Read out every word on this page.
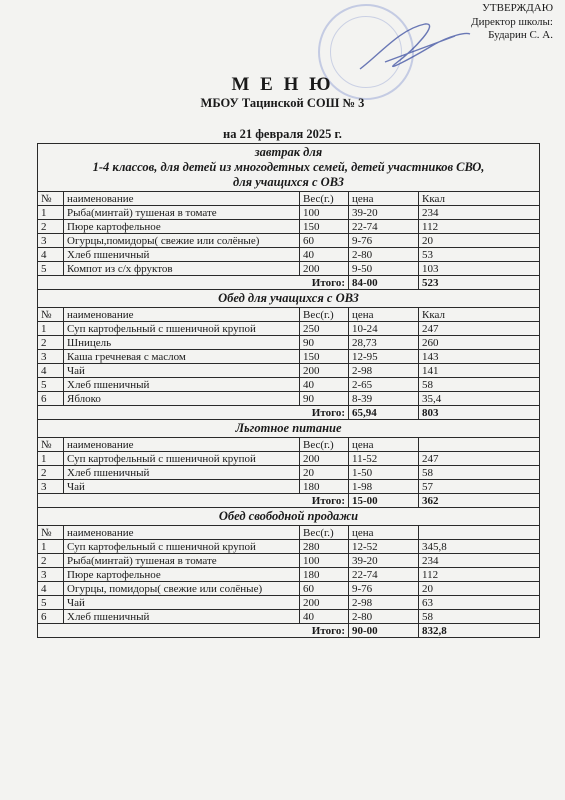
УТВЕРЖДАЮ
Директор школы:
Бударин С. А.
М Е Н Ю
МБОУ Тацинской СОШ № 3
на 21 февраля 2025 г.
завтрак для
1-4 классов, для детей из многодетных семей, детей участников СВО,
для учащихся с ОВЗ				
№	наименование	Вес(г.)	цена	Ккал
1	Рыба(минтай) тушеная в томате	100	39-20	234
2	Пюре картофельное	150	22-74	112
3	Огурцы,помидоры( свежие или солёные)	60	9-76	20
4	Хлеб пшеничный	40	2-80	53
5	Компот из с/х фруктов	200	9-50	103
Итого:			84-00	523
Обед для учащихся с ОВЗ				
№	наименование	Вес(г.)	цена	Ккал
1	Суп картофельный с пшеничной крупой	250	10-24	247
2	Шницель	90	28,73	260
3	Каша гречневая с маслом	150	12-95	143
4	Чай	200	2-98	141
5	Хлеб пшеничный	40	2-65	58
6	Яблоко	90	8-39	35,4
Итого:			65,94	803
Льготное питание				
№	наименование	Вес(г.)	цена	
1	Суп картофельный с пшеничной крупой	200	11-52	247
2	Хлеб пшеничный	20	1-50	58
3	Чай	180	1-98	57
Итого:			15-00	362
Обед свободной продажи				
№	наименование	Вес(г.)	цена	
1	Суп картофельный с пшеничной крупой	280	12-52	345,8
2	Рыба(минтай) тушеная в томате	100	39-20	234
3	Пюре картофельное	180	22-74	112
4	Огурцы, помидоры( свежие или солёные)	60	9-76	20
5	Чай	200	2-98	63
6	Хлеб пшеничный	40	2-80	58
Итого:			90-00	832,8
